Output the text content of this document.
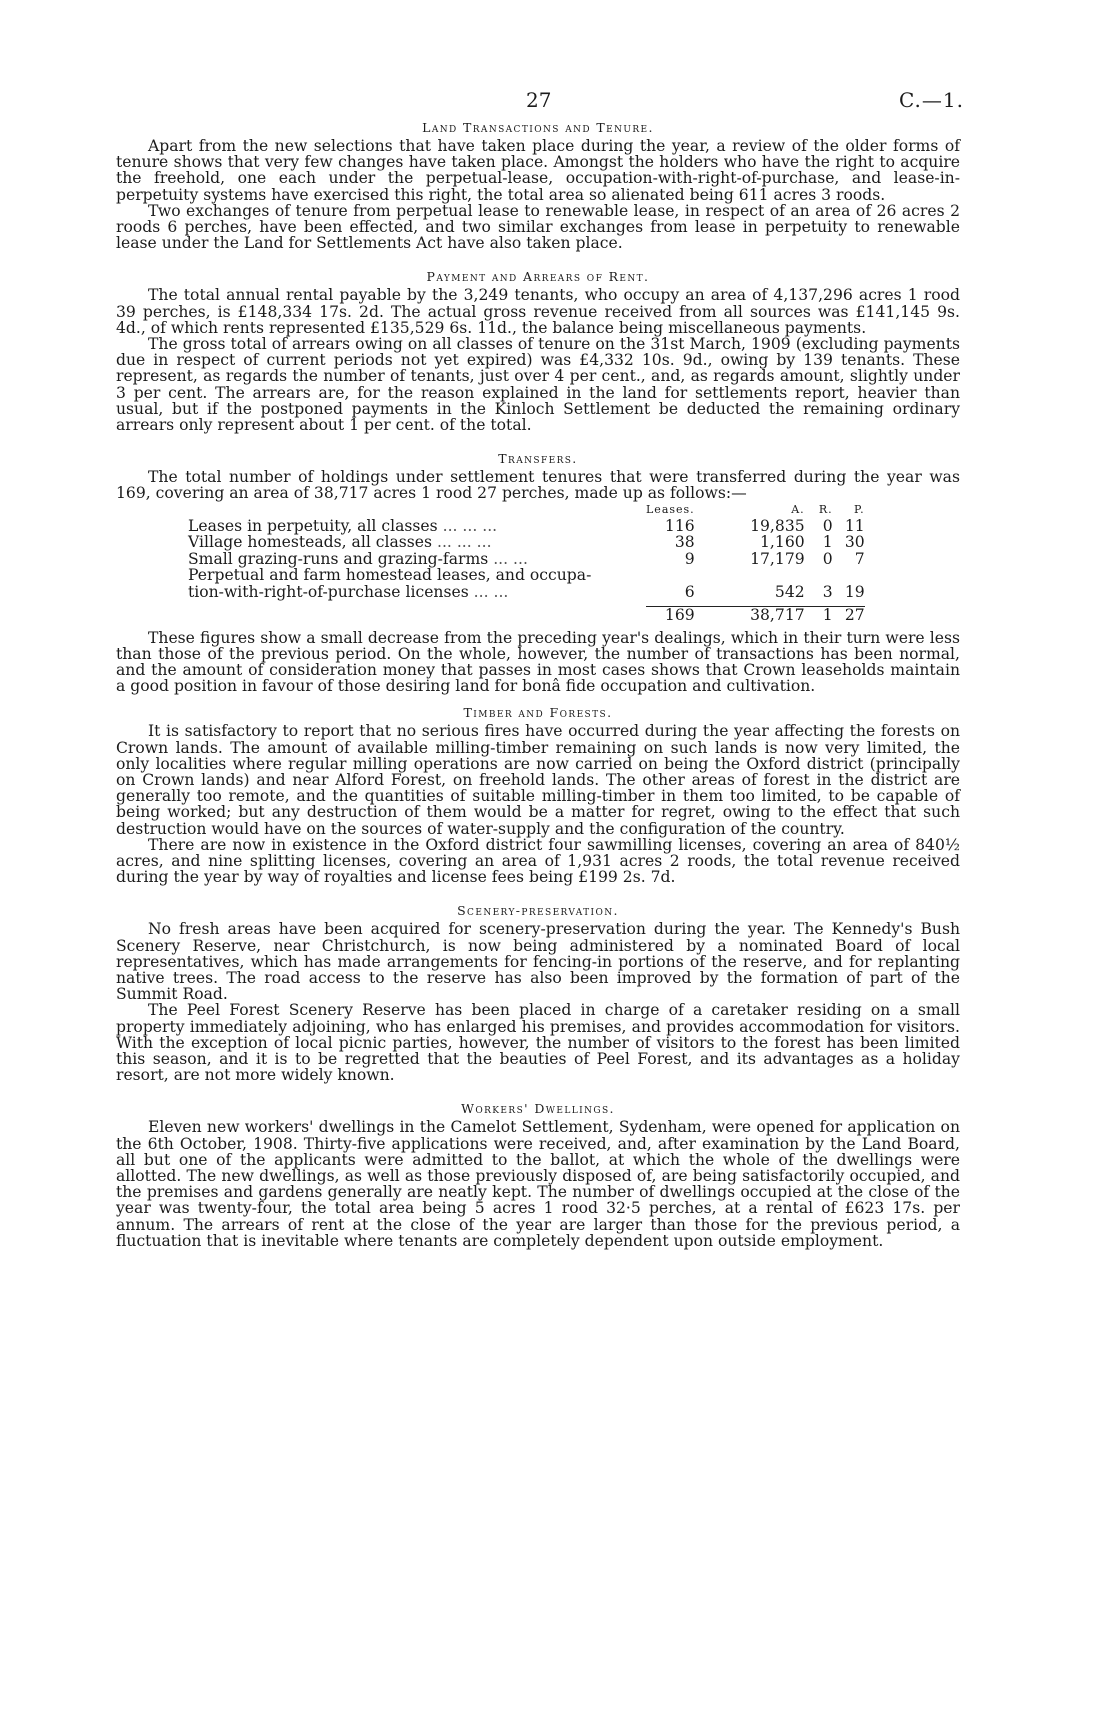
27	C.—1.
Land Transactions and Tenure.

Apart from the new selections that have taken place during the year, a review of the older forms of tenure shows that very few changes have taken place. Amongst the holders who have the right to acquire the freehold, one each under the perpetual-lease, occupation-with-right-of-purchase, and lease-in-perpetuity systems have exercised this right, the total area so alienated being 611 acres 3 roods.

Two exchanges of tenure from perpetual lease to renewable lease, in respect of an area of 26 acres 2 roods 6 perches, have been effected, and two similar exchanges from lease in perpetuity to renewable lease under the Land for Settlements Act have also taken place.

Payment and Arrears of Rent.

The total annual rental payable by the 3,249 tenants, who occupy an area of 4,137,296 acres 1 rood 39 perches, is £148,334 17s. 2d. The actual gross revenue received from all sources was £141,145 9s. 4d., of which rents represented £135,529 6s. 11d., the balance being miscellaneous payments.

The gross total of arrears owing on all classes of tenure on the 31st March, 1909 (excluding payments due in respect of current periods not yet expired) was £4,332 10s. 9d., owing by 139 tenants. These represent, as regards the number of tenants, just over 4 per cent., and, as regards amount, slightly under 3 per cent. The arrears are, for the reason explained in the land for settlements report, heavier than usual, but if the postponed payments in the Kinloch Settlement be deducted the remaining ordinary arrears only represent about 1 per cent. of the total.

Transfers.

The total number of holdings under settlement tenures that were transferred during the year was 169, covering an area of 38,717 acres 1 rood 27 perches, made up as follows:—

	Leases.	A.	R.	P.
Leases in perpetuity, all classes ... ... ...	116	19,835	0	11
Village homesteads, all classes ... ... ...	38	1,160	1	30
Small grazing-runs and grazing-farms ... ...	9	17,179	0	7
Perpetual and farm homestead leases, and occupa-				
tion-with-right-of-purchase licenses ... ...	6	542	3	19

	169	38,717	1	27

These figures show a small decrease from the preceding year's dealings, which in their turn were less than those of the previous period. On the whole, however, the number of transactions has been normal, and the amount of consideration money that passes in most cases shows that Crown leaseholds maintain a good position in favour of those desiring land for bonâ fide occupation and cultivation.

Timber and Forests.

It is satisfactory to report that no serious fires have occurred during the year affecting the forests on Crown lands. The amount of available milling-timber remaining on such lands is now very limited, the only localities where regular milling operations are now carried on being the Oxford district (principally on Crown lands) and near Alford Forest, on freehold lands. The other areas of forest in the district are generally too remote, and the quantities of suitable milling-timber in them too limited, to be capable of being worked; but any destruction of them would be a matter for regret, owing to the effect that such destruction would have on the sources of water-supply and the configuration of the country.

There are now in existence in the Oxford district four sawmilling licenses, covering an area of 840½ acres, and nine splitting licenses, covering an area of 1,931 acres 2 roods, the total revenue received during the year by way of royalties and license fees being £199 2s. 7d.

Scenery-preservation.

No fresh areas have been acquired for scenery-preservation during the year. The Kennedy's Bush Scenery Reserve, near Christchurch, is now being administered by a nominated Board of local representatives, which has made arrangements for fencing-in portions of the reserve, and for replanting native trees. The road access to the reserve has also been improved by the formation of part of the Summit Road.

The Peel Forest Scenery Reserve has been placed in charge of a caretaker residing on a small property immediately adjoining, who has enlarged his premises, and provides accommodation for visitors. With the exception of local picnic parties, however, the number of visitors to the forest has been limited this season, and it is to be regretted that the beauties of Peel Forest, and its advantages as a holiday resort, are not more widely known.

Workers' Dwellings.

Eleven new workers' dwellings in the Camelot Settlement, Sydenham, were opened for application on the 6th October, 1908. Thirty-five applications were received, and, after examination by the Land Board, all but one of the applicants were admitted to the ballot, at which the whole of the dwellings were allotted. The new dwellings, as well as those previously disposed of, are being satisfactorily occupied, and the premises and gardens generally are neatly kept. The number of dwellings occupied at the close of the year was twenty-four, the total area being 5 acres 1 rood 32·5 perches, at a rental of £623 17s. per annum. The arrears of rent at the close of the year are larger than those for the previous period, a fluctuation that is inevitable where tenants are completely dependent upon outside employment.
